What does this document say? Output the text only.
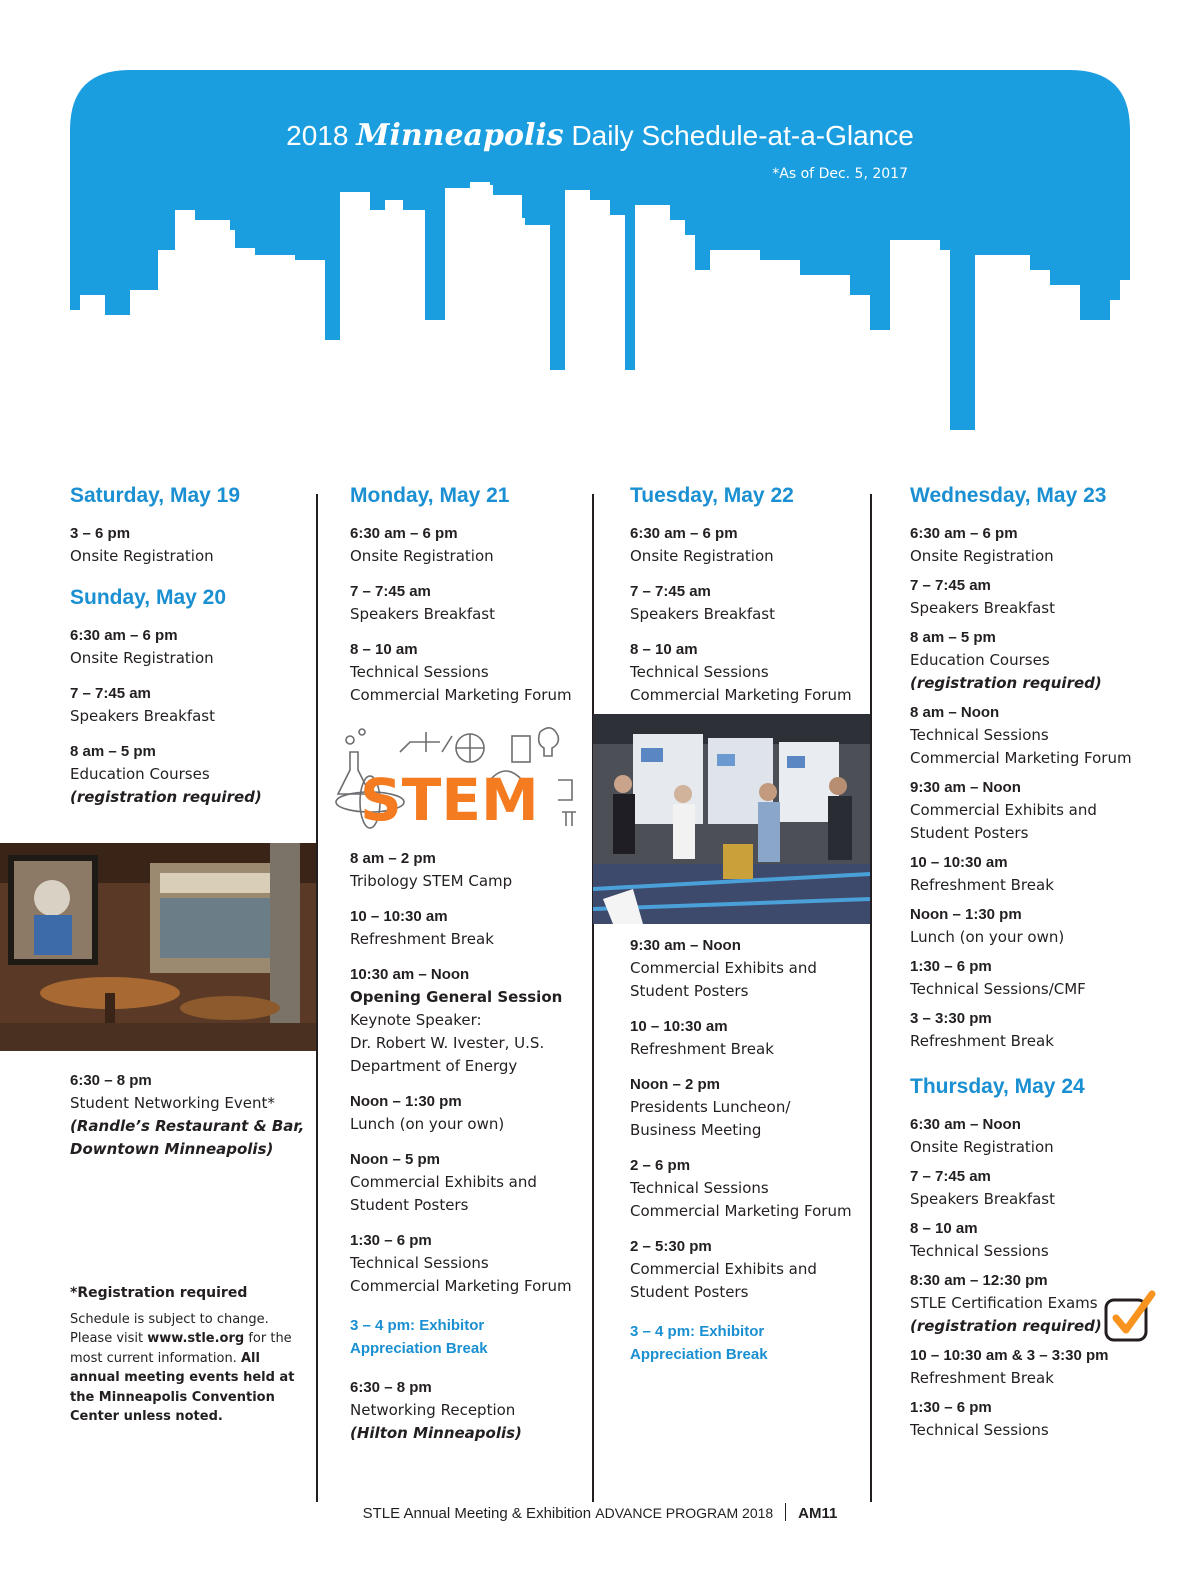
2018 Minneapolis Daily Schedule-at-a-Glance
*As of Dec. 5, 2017
Saturday, May 19
3 – 6 pm
Onsite Registration
Sunday, May 20
6:30 am – 6 pm
Onsite Registration
7 – 7:45 am
Speakers Breakfast
8 am – 5 pm
Education Courses
(registration required)
6:30 – 8 pm
Student Networking Event*
(Randle’s Restaurant & Bar,
Downtown Minneapolis)
*Registration required
Schedule is subject to change.
Please visit www.stle.org for the
most current information. All
annual meeting events held at
the Minneapolis Convention
Center unless noted.
Monday, May 21
6:30 am – 6 pm
Onsite Registration
7 – 7:45 am
Speakers Breakfast
8 – 10 am
Technical Sessions
Commercial Marketing Forum
STEM
8 am – 2 pm
Tribology STEM Camp
10 – 10:30 am
Refreshment Break
10:30 am – Noon
Opening General Session
Keynote Speaker:
Dr. Robert W. Ivester, U.S.
Department of Energy
Noon – 1:30 pm
Lunch (on your own)
Noon – 5 pm
Commercial Exhibits and
Student Posters
1:30 – 6 pm
Technical Sessions
Commercial Marketing Forum
3 – 4 pm: Exhibitor
Appreciation Break
6:30 – 8 pm
Networking Reception
(Hilton Minneapolis)
Tuesday, May 22
6:30 am – 6 pm
Onsite Registration
7 – 7:45 am
Speakers Breakfast
8 – 10 am
Technical Sessions
Commercial Marketing Forum
9:30 am – Noon
Commercial Exhibits and
Student Posters
10 – 10:30 am
Refreshment Break
Noon – 2 pm
Presidents Luncheon/
Business Meeting
2 – 6 pm
Technical Sessions
Commercial Marketing Forum
2 – 5:30 pm
Commercial Exhibits and
Student Posters
3 – 4 pm: Exhibitor
Appreciation Break
Wednesday, May 23
6:30 am – 6 pm
Onsite Registration
7 – 7:45 am
Speakers Breakfast
8 am – 5 pm
Education Courses
(registration required)
8 am – Noon
Technical Sessions
Commercial Marketing Forum
9:30 am – Noon
Commercial Exhibits and
Student Posters
10 – 10:30 am
Refreshment Break
Noon – 1:30 pm
Lunch (on your own)
1:30 – 6 pm
Technical Sessions/CMF
3 – 3:30 pm
Refreshment Break
Thursday, May 24
6:30 am – Noon
Onsite Registration
7 – 7:45 am
Speakers Breakfast
8 – 10 am
Technical Sessions
8:30 am – 12:30 pm
STLE Certification Exams
(registration required)
10 – 10:30 am & 3 – 3:30 pm
Refreshment Break
1:30 – 6 pm
Technical Sessions
STLE Annual Meeting & Exhibition ADVANCE PROGRAM 2018 AM11
